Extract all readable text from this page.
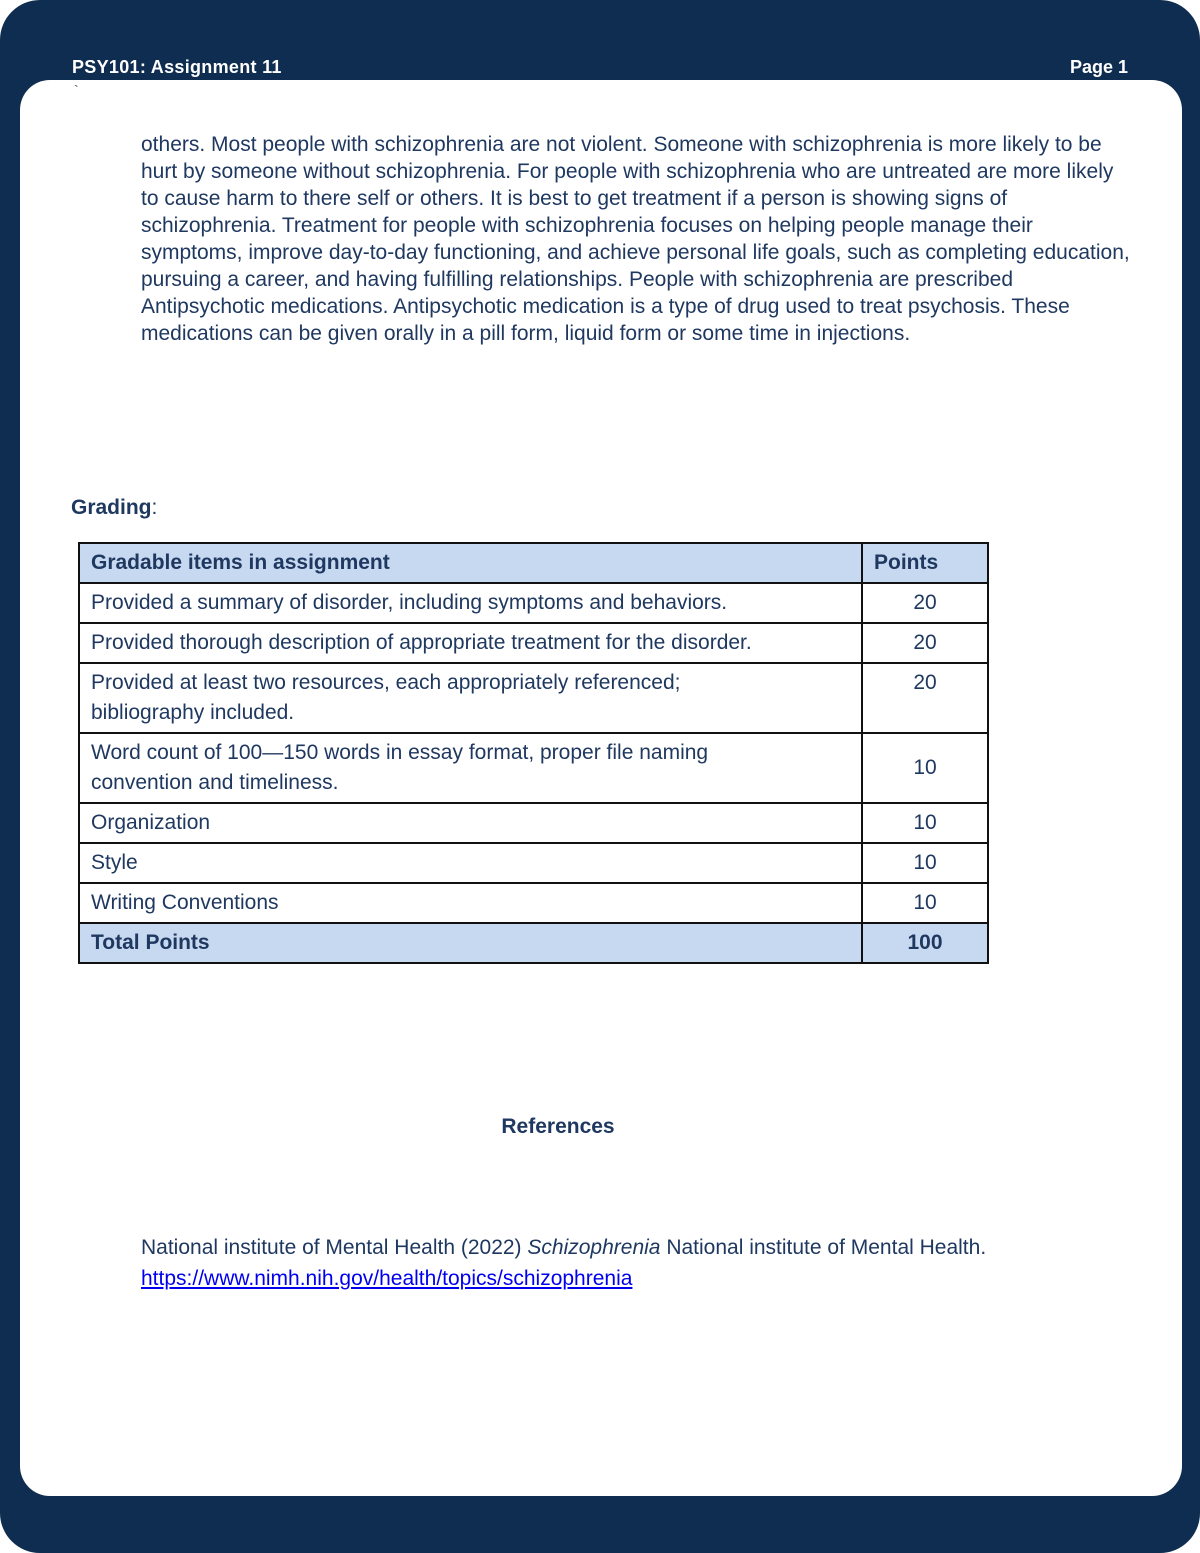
PSY101: Assignment 11	Page 1
`
others. Most people with schizophrenia are not violent. Someone with schizophrenia is more likely to be hurt by someone without schizophrenia. For people with schizophrenia who are untreated are more likely to cause harm to there self or others. It is best to get treatment if a person is showing signs of schizophrenia. Treatment for people with schizophrenia focuses on helping people manage their symptoms, improve day-to-day functioning, and achieve personal life goals, such as completing education, pursuing a career, and having fulfilling relationships. People with schizophrenia are prescribed Antipsychotic medications. Antipsychotic medication is a type of drug used to treat psychosis. These medications can be given orally in a pill form, liquid form or some time in injections.
Grading:
Gradable items in assignment	Points
Provided a summary of disorder, including symptoms and behaviors.	20
Provided thorough description of appropriate treatment for the disorder.	20
Provided at least two resources, each appropriately referenced; bibliography included.	20
Word count of 100—150 words in essay format, proper file naming convention and timeliness.	10
Organization	10
Style	10
Writing Conventions	10
Total Points	100
References
National institute of Mental Health (2022) Schizophrenia National institute of Mental Health.
https://www.nimh.nih.gov/health/topics/schizophrenia
